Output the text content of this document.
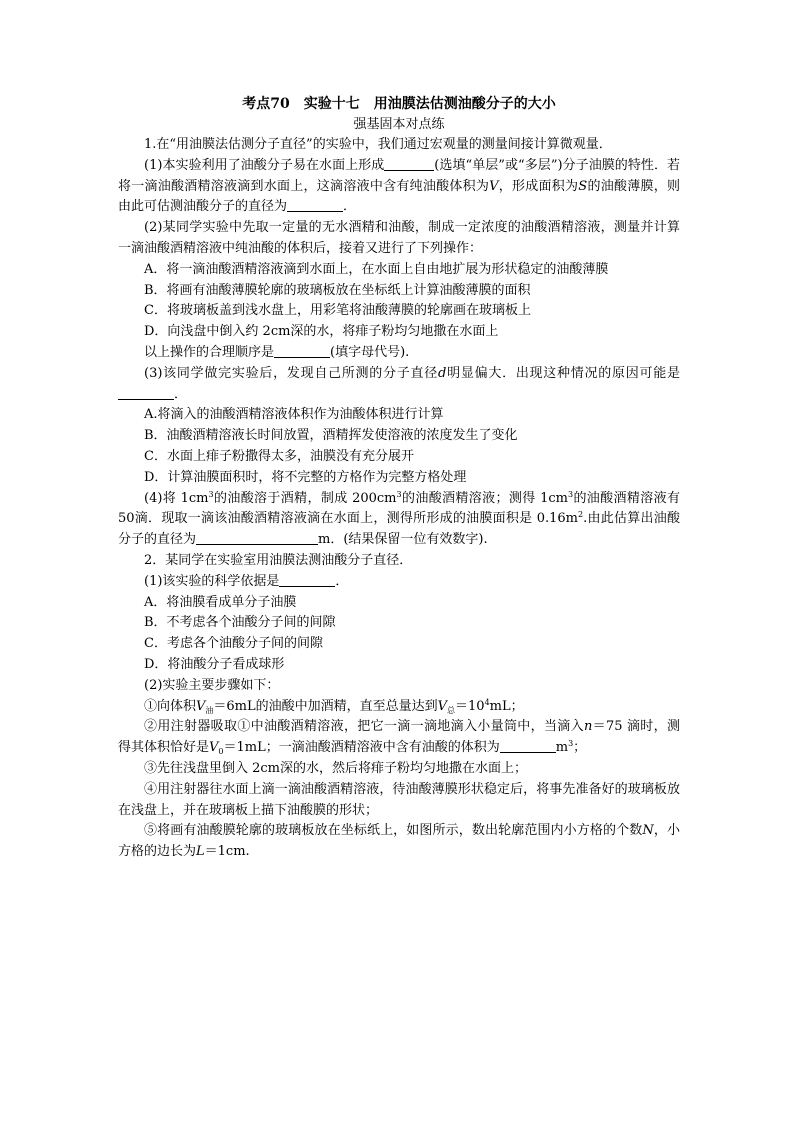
考点70　实验十七　用油膜法估测油酸分子的大小
强基固本对点练

1.在“用油膜法估测分子直径”的实验中，我们通过宏观量的测量间接计算微观量．

(1)本实验利用了油酸分子易在水面上形成	(选填“单层”或“多层”)分子油膜的特性．若将一滴油酸酒精溶液滴到水面上，这滴溶液中含有纯油酸体积为V，形成面积为S的油酸薄膜，则由此可估测油酸分子的直径为	．

(2)某同学实验中先取一定量的无水酒精和油酸，制成一定浓度的油酸酒精溶液，测量并计算一滴油酸酒精溶液中纯油酸的体积后，接着又进行了下列操作：

A．将一滴油酸酒精溶液滴到水面上，在水面上自由地扩展为形状稳定的油酸薄膜

B．将画有油酸薄膜轮廓的玻璃板放在坐标纸上计算油酸薄膜的面积

C．将玻璃板盖到浅水盘上，用彩笔将油酸薄膜的轮廓画在玻璃板上

D．向浅盘中倒入约 2cm深的水，将痱子粉均匀地撒在水面上

以上操作的合理顺序是	(填字母代号).

(3)该同学做完实验后，发现自己所测的分子直径d明显偏大．出现这种情况的原因可能是．

A.将滴入的油酸酒精溶液体积作为油酸体积进行计算

B．油酸酒精溶液长时间放置，酒精挥发使溶液的浓度发生了变化

C．水面上痱子粉撒得太多，油膜没有充分展开

D．计算油膜面积时，将不完整的方格作为完整方格处理

(4)将 $1cm^3$的油酸溶于酒精，制成 $200cm^3$的油酸酒精溶液；测得 $1cm^3$的油酸酒精溶液有 50滴．现取一滴该油酸酒精溶液滴在水面上，测得所形成的油膜面积是 $0.16m^2$.由此估算出油酸分子的直径为	m．(结果保留一位有效数字).

2．某同学在实验室用油膜法测油酸分子直径．

(1)该实验的科学依据是	．

A．将油膜看成单分子油膜

B．不考虑各个油酸分子间的间隙

C．考虑各个油酸分子间的间隙

D．将油酸分子看成球形

(2)实验主要步骤如下：

①向体积$V_油=6mL$的油酸中加酒精，直至总量达到$V_总=10^4mL$；

②用注射器吸取①中油酸酒精溶液，把它一滴一滴地滴入小量筒中，当滴入n＝75 滴时，测得其体积恰好是$V_0=1mL$；一滴油酸酒精溶液中含有油酸的体积为	$m^3$；

③先往浅盘里倒入 2cm深的水，然后将痱子粉均匀地撒在水面上；

④用注射器往水面上滴一滴油酸酒精溶液，待油酸薄膜形状稳定后，将事先准备好的玻璃板放在浅盘上，并在玻璃板上描下油酸膜的形状；

⑤将画有油酸膜轮廓的玻璃板放在坐标纸上，如图所示，数出轮廓范围内小方格的个数N，小方格的边长为L＝1cm.
